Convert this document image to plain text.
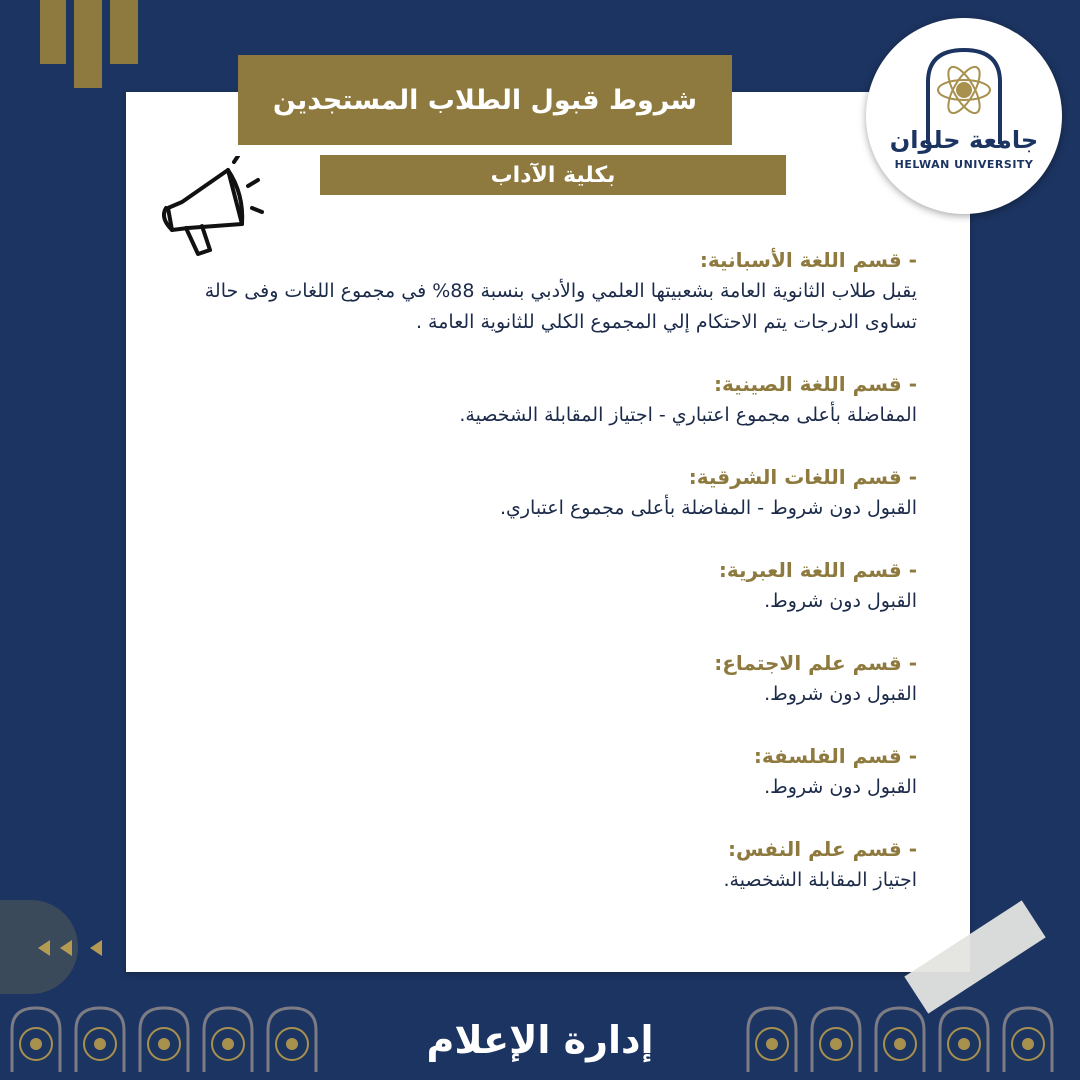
شروط قبول الطلاب المستجدين
بكلية الآداب
جامعة حلوان
HELWAN UNIVERSITY
- قسم اللغة الأسبانية:
يقبل طلاب الثانوية العامة بشعبيتها العلمي والأدبي بنسبة 88% في مجموع اللغات وفى حالة تساوى الدرجات يتم الاحتكام إلي المجموع الكلي للثانوية العامة .
- قسم اللغة الصينية:
المفاضلة بأعلى مجموع اعتباري - اجتياز المقابلة الشخصية.
- قسم اللغات الشرقية:
القبول دون شروط - المفاضلة بأعلى مجموع اعتباري.
- قسم اللغة العبرية:
القبول دون شروط.
- قسم علم الاجتماع:
القبول دون شروط.
- قسم الفلسفة:
القبول دون شروط.
- قسم علم النفس:
اجتياز المقابلة الشخصية.
إدارة الإعلام
